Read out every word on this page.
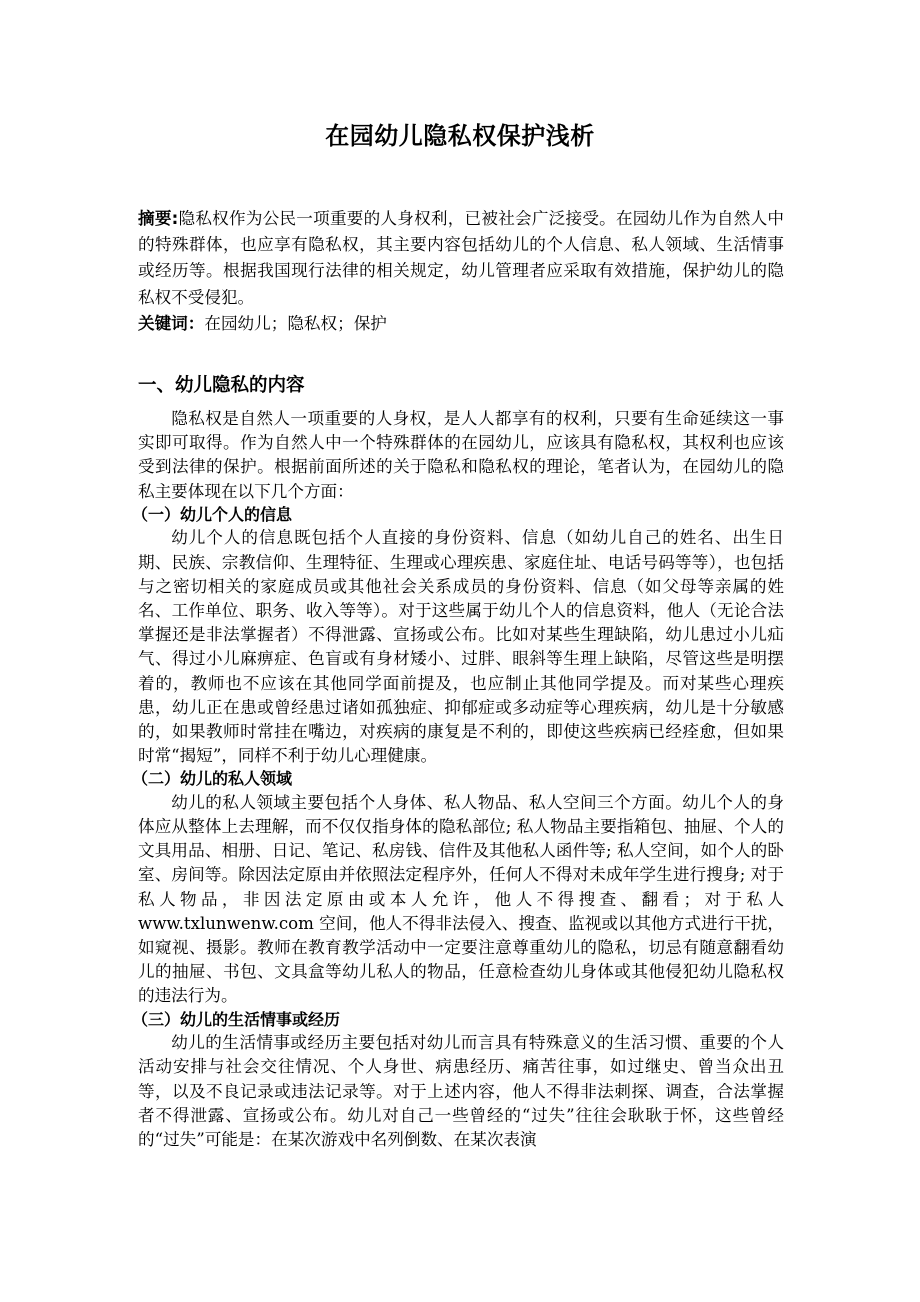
在园幼儿隐私权保护浅析

摘要:隐私权作为公民一项重要的人身权利，已被社会广泛接受。在园幼儿作为自然人中的特殊群体，也应享有隐私权，其主要内容包括幼儿的个人信息、私人领域、生活情事或经历等。根据我国现行法律的相关规定，幼儿管理者应采取有效措施，保护幼儿的隐私权不受侵犯。

关键词：在园幼儿；隐私权；保护

一、幼儿隐私的内容

隐私权是自然人一项重要的人身权，是人人都享有的权利，只要有生命延续这一事实即可取得。作为自然人中一个特殊群体的在园幼儿，应该具有隐私权，其权利也应该受到法律的保护。根据前面所述的关于隐私和隐私权的理论，笔者认为，在园幼儿的隐私主要体现在以下几个方面：

（一）幼儿个人的信息

幼儿个人的信息既包括个人直接的身份资料、信息（如幼儿自己的姓名、出生日期、民族、宗教信仰、生理特征、生理或心理疾患、家庭住址、电话号码等等），也包括与之密切相关的家庭成员或其他社会关系成员的身份资料、信息（如父母等亲属的姓名、工作单位、职务、收入等等）。对于这些属于幼儿个人的信息资料，他人（无论合法掌握还是非法掌握者）不得泄露、宣扬或公布。比如对某些生理缺陷，幼儿患过小儿疝气、得过小儿麻痹症、色盲或有身材矮小、过胖、眼斜等生理上缺陷，尽管这些是明摆着的，教师也不应该在其他同学面前提及，也应制止其他同学提及。而对某些心理疾患，幼儿正在患或曾经患过诸如孤独症、抑郁症或多动症等心理疾病，幼儿是十分敏感的，如果教师时常挂在嘴边，对疾病的康复是不利的，即使这些疾病已经痊愈，但如果时常“揭短”，同样不利于幼儿心理健康。

（二）幼儿的私人领域

幼儿的私人领域主要包括个人身体、私人物品、私人空间三个方面。幼儿个人的身体应从整体上去理解，而不仅仅指身体的隐私部位; 私人物品主要指箱包、抽屉、个人的文具用品、相册、日记、笔记、私房钱、信件及其他私人函件等; 私人空间，如个人的卧室、房间等。除因法定原由并依照法定程序外，任何人不得对未成年学生进行搜身; 对于私人物品，非因法定原由或本人允许，他人不得搜查、翻看；对于私人 www.txlunwenw.com 空间，他人不得非法侵入、搜查、监视或以其他方式进行干扰，如窥视、摄影。教师在教育教学活动中一定要注意尊重幼儿的隐私，切忌有随意翻看幼儿的抽屉、书包、文具盒等幼儿私人的物品，任意检查幼儿身体或其他侵犯幼儿隐私权的违法行为。

（三）幼儿的生活情事或经历

幼儿的生活情事或经历主要包括对幼儿而言具有特殊意义的生活习惯、重要的个人活动安排与社会交往情况、个人身世、病患经历、痛苦往事，如过继史、曾当众出丑等，以及不良记录或违法记录等。对于上述内容，他人不得非法刺探、调查，合法掌握者不得泄露、宣扬或公布。幼儿对自己一些曾经的“过失”往往会耿耿于怀，这些曾经的“过失”可能是：在某次游戏中名列倒数、在某次表演
